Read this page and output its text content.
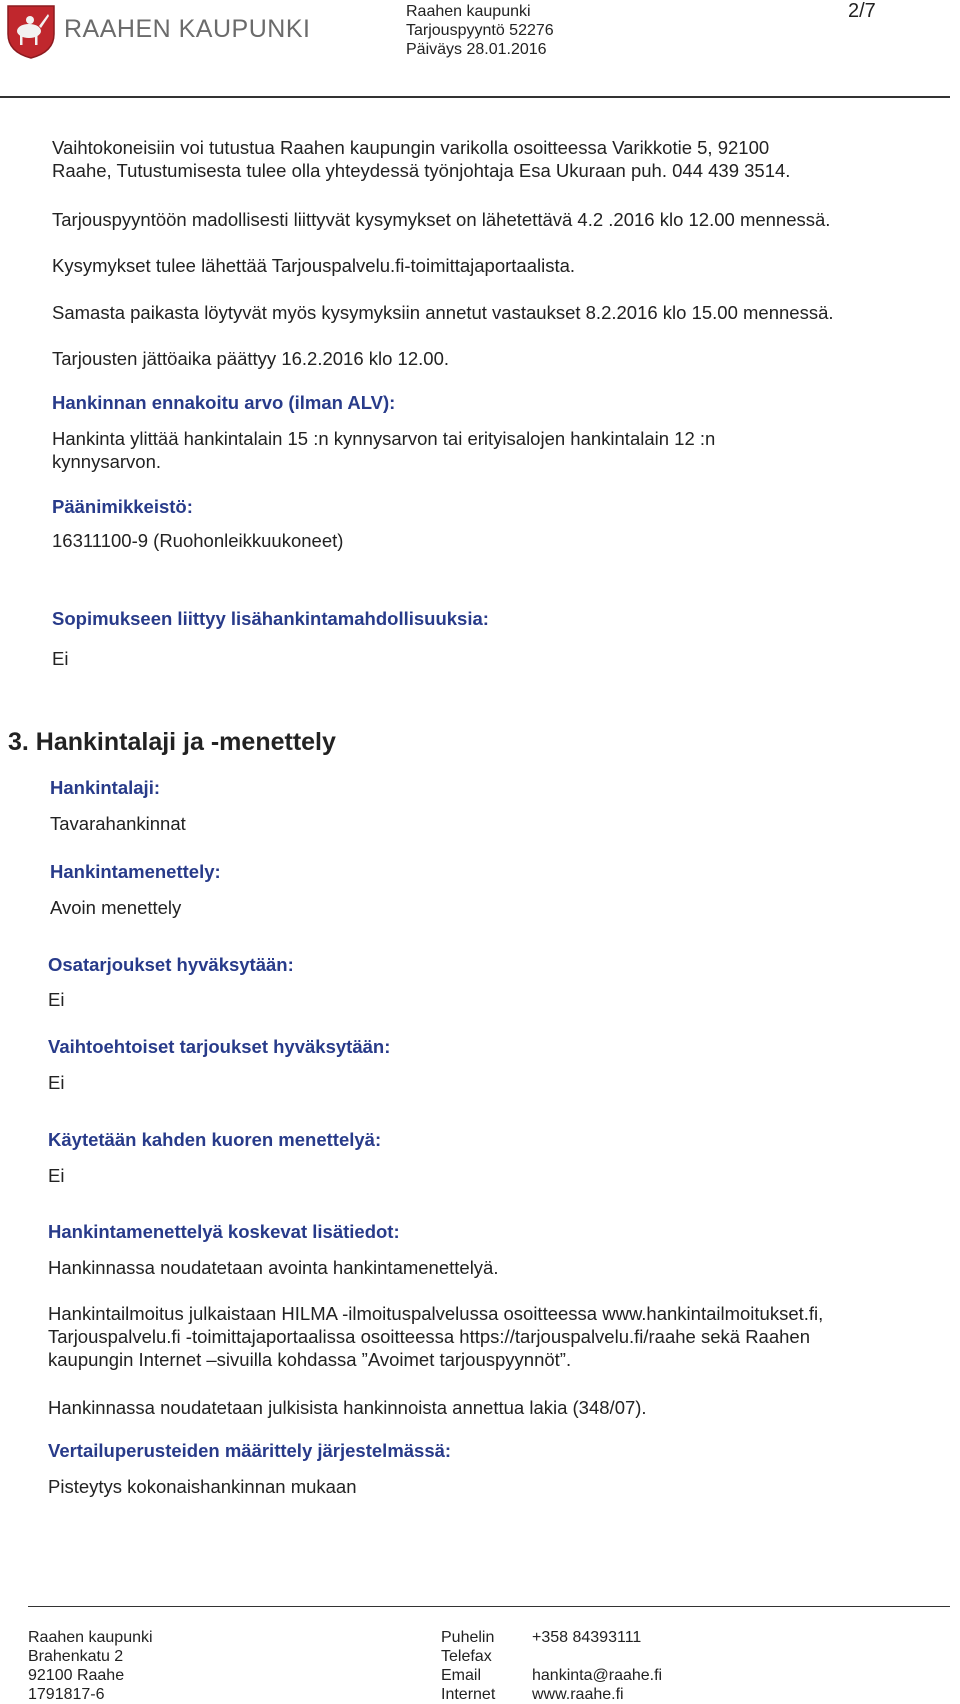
RAAHEN KAUPUNKI
Raahen kaupunki
Tarjouspyyntö 52276
Päiväys 28.01.2016
2/7
Vaihtokoneisiin voi tutustua Raahen kaupungin varikolla osoitteessa Varikkotie 5, 92100
Raahe, Tutustumisesta tulee olla yhteydessä työnjohtaja Esa Ukuraan puh. 044 439 3514.
Tarjouspyyntöön madollisesti liittyvät kysymykset on lähetettävä 4.2 .2016 klo 12.00 mennessä.
Kysymykset tulee lähettää Tarjouspalvelu.fi-toimittajaportaalista.
Samasta paikasta löytyvät myös kysymyksiin annetut vastaukset 8.2.2016 klo 15.00 mennessä.
Tarjousten jättöaika päättyy 16.2.2016 klo 12.00.
Hankinnan ennakoitu arvo (ilman ALV):
Hankinta ylittää hankintalain 15 :n kynnysarvon tai erityisalojen hankintalain 12 :n
kynnysarvon.
Päänimikkeistö:
16311100-9 (Ruohonleikkuukoneet)
Sopimukseen liittyy lisähankintamahdollisuuksia:
Ei
3. Hankintalaji ja -menettely
Hankintalaji:
Tavarahankinnat
Hankintamenettely:
Avoin menettely
Osatarjoukset hyväksytään:
Ei
Vaihtoehtoiset tarjoukset hyväksytään:
Ei
Käytetään kahden kuoren menettelyä:
Ei
Hankintamenettelyä koskevat lisätiedot:
Hankinnassa noudatetaan avointa hankintamenettelyä.
Hankintailmoitus julkaistaan HILMA -ilmoituspalvelussa osoitteessa www.hankintailmoitukset.fi,
Tarjouspalvelu.fi -toimittajaportaalissa osoitteessa https://tarjouspalvelu.fi/raahe sekä Raahen
kaupungin Internet –sivuilla kohdassa ”Avoimet tarjouspyynnöt”.
Hankinnassa noudatetaan julkisista hankinnoista annettua lakia (348/07).
Vertailuperusteiden määrittely järjestelmässä:
Pisteytys kokonaishankinnan mukaan
Raahen kaupunki
Brahenkatu 2
92100 Raahe
1791817-6
Puhelin
Telefax
Email
Internet
+358 84393111

hankinta@raahe.fi
www.raahe.fi
